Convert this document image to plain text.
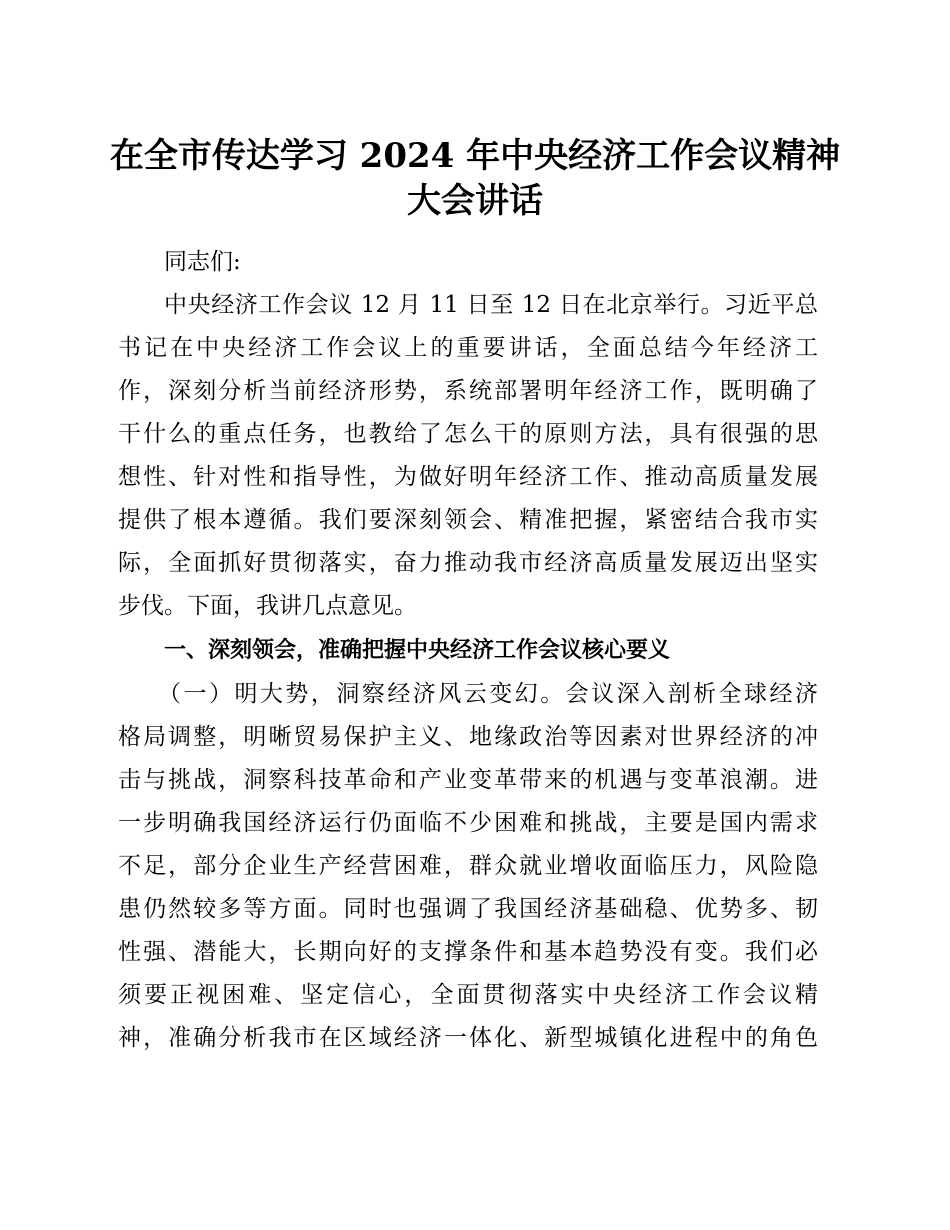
在全市传达学习 2024 年中央经济工作会议精神
大会讲话
同志们:
中央经济工作会议 12 月 11 日至 12 日在北京举行。习近平总
书记在中央经济工作会议上的重要讲话，全面总结今年经济工
作，深刻分析当前经济形势，系统部署明年经济工作，既明确了
干什么的重点任务，也教给了怎么干的原则方法，具有很强的思
想性、针对性和指导性，为做好明年经济工作、推动高质量发展
提供了根本遵循。我们要深刻领会、精准把握，紧密结合我市实
际，全面抓好贯彻落实，奋力推动我市经济高质量发展迈出坚实
步伐。下面，我讲几点意见。
一、深刻领会，准确把握中央经济工作会议核心要义
（一）明大势，洞察经济风云变幻。会议深入剖析全球经济
格局调整，明晰贸易保护主义、地缘政治等因素对世界经济的冲
击与挑战，洞察科技革命和产业变革带来的机遇与变革浪潮。进
一步明确我国经济运行仍面临不少困难和挑战，主要是国内需求
不足，部分企业生产经营困难，群众就业增收面临压力，风险隐
患仍然较多等方面。同时也强调了我国经济基础稳、优势多、韧
性强、潜能大，长期向好的支撑条件和基本趋势没有变。我们必
须要正视困难、坚定信心，全面贯彻落实中央经济工作会议精
神，准确分析我市在区域经济一体化、新型城镇化进程中的角色
